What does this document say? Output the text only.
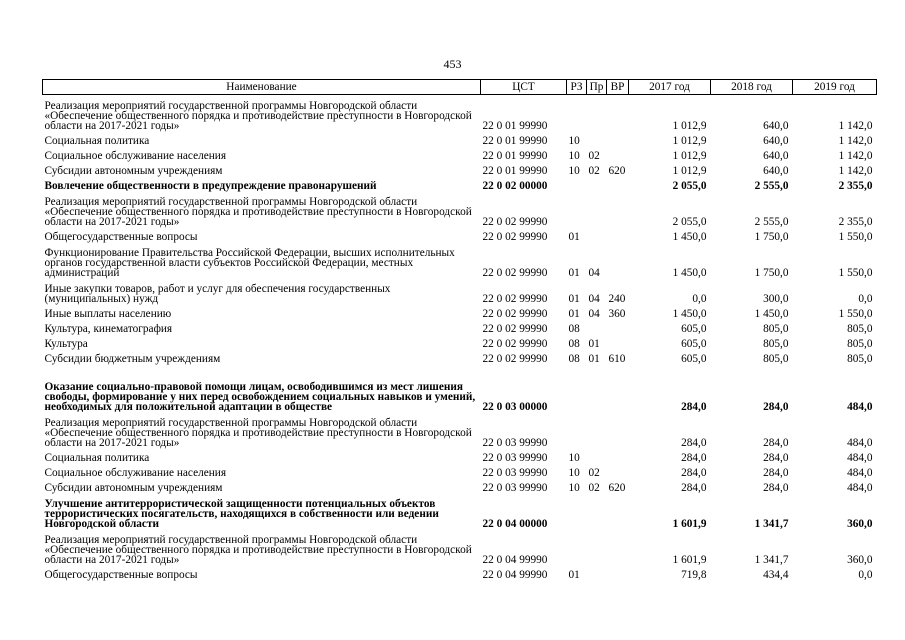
453
Наименование	ЦСТ	РЗ	Пр	ВР	2017 год	2018 год	2019 год
Реализация мероприятий государственной программы Новгородской области «Обеспечение общественного порядка и противодействие преступности в Новгородской области на 2017-2021 годы»	22 0 01 99990				1 012,9	640,0	1 142,0
Социальная политика	22 0 01 99990	10			1 012,9	640,0	1 142,0
Социальное обслуживание населения	22 0 01 99990	10	02		1 012,9	640,0	1 142,0
Субсидии автономным учреждениям	22 0 01 99990	10	02	620	1 012,9	640,0	1 142,0
Вовлечение общественности в предупреждение правонарушений	22 0 02 00000				2 055,0	2 555,0	2 355,0
Реализация мероприятий государственной программы Новгородской области «Обеспечение общественного порядка и противодействие преступности в Новгородской области на 2017-2021 годы»	22 0 02 99990				2 055,0	2 555,0	2 355,0
Общегосударственные вопросы	22 0 02 99990	01			1 450,0	1 750,0	1 550,0
Функционирование Правительства Российской Федерации, высших исполнительных органов государственной власти субъектов Российской Федерации, местных администраций	22 0 02 99990	01	04		1 450,0	1 750,0	1 550,0
Иные закупки товаров, работ и услуг для обеспечения государственных (муниципальных) нужд	22 0 02 99990	01	04	240	0,0	300,0	0,0
Иные выплаты населению	22 0 02 99990	01	04	360	1 450,0	1 450,0	1 550,0
Культура, кинематография	22 0 02 99990	08			605,0	805,0	805,0
Культура	22 0 02 99990	08	01		605,0	805,0	805,0
Субсидии бюджетным учреждениям	22 0 02 99990	08	01	610	605,0	805,0	805,0
Оказание социально-правовой помощи лицам, освободившимся из мест лишения свободы, формирование у них перед освобождением социальных навыков и умений, необходимых для положительной адаптации в обществе	22 0 03 00000				284,0	284,0	484,0
Реализация мероприятий государственной программы Новгородской области «Обеспечение общественного порядка и противодействие преступности в Новгородской области на 2017-2021 годы»	22 0 03 99990				284,0	284,0	484,0
Социальная политика	22 0 03 99990	10			284,0	284,0	484,0
Социальное обслуживание населения	22 0 03 99990	10	02		284,0	284,0	484,0
Субсидии автономным учреждениям	22 0 03 99990	10	02	620	284,0	284,0	484,0
Улучшение антитеррористической защищенности потенциальных объектов террористических посягательств, находящихся в собственности или ведении Новгородской области	22 0 04 00000				1 601,9	1 341,7	360,0
Реализация мероприятий государственной программы Новгородской области «Обеспечение общественного порядка и противодействие преступности в Новгородской области на 2017-2021 годы»	22 0 04 99990				1 601,9	1 341,7	360,0
Общегосударственные вопросы	22 0 04 99990	01			719,8	434,4	0,0
